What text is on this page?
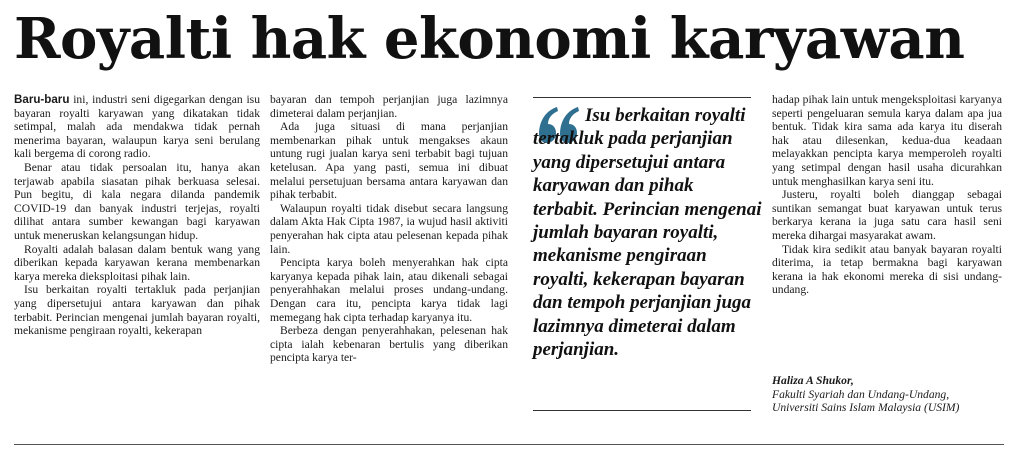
Royalti hak ekonomi karyawan

Baru-baru ini, industri seni digegarkan dengan isu bayaran royalti karyawan yang dikatakan tidak setimpal, malah ada mendakwa tidak pernah menerima bayaran, walaupun karya seni berulang kali bergema di corong radio.

Benar atau tidak persoalan itu, hanya akan terjawab apabila siasatan pihak berkuasa selesai. Pun begitu, di kala negara dilanda pandemik COVID-19 dan banyak industri terjejas, royalti dilihat antara sumber kewangan bagi karyawan untuk meneruskan kelangsungan hidup.

Royalti adalah balasan dalam bentuk wang yang diberikan kepada karyawan kerana membenarkan karya mereka dieksploitasi pihak lain.

Isu berkaitan royalti tertakluk pada perjanjian yang dipersetujui antara karyawan dan pihak terbabit. Perincian mengenai jumlah bayaran royalti, mekanisme pengiraan royalti, kekerapan

bayaran dan tempoh perjanjian juga lazimnya dimeterai dalam perjanjian.

Ada juga situasi di mana perjanjian membenarkan pihak untuk mengakses akaun untung rugi jualan karya seni terbabit bagi tujuan ketelusan. Apa yang pasti, semua ini dibuat melalui persetujuan bersama antara karyawan dan pihak terbabit.

Walaupun royalti tidak disebut secara langsung dalam Akta Hak Cipta 1987, ia wujud hasil aktiviti penyerahan hak cipta atau pelesenan kepada pihak lain.

Pencipta karya boleh menyerahkan hak cipta karyanya kepada pihak lain, atau dikenali sebagai penyerahhakan melalui proses undang-undang. Dengan cara itu, pencipta karya tidak lagi memegang hak cipta terhadap karyanya itu.

Berbeza dengan penyerahhakan, pelesenan hak cipta ialah kebenaran bertulis yang diberikan pencipta karya ter-

Isu berkaitan royalti tertakluk pada perjanjian yang dipersetujui antara karyawan dan pihak terbabit. Perincian mengenai jumlah bayaran royalti, mekanisme pengiraan royalti, kekerapan bayaran dan tempoh perjanjian juga lazimnya dimeterai dalam perjanjian.

hadap pihak lain untuk mengeksploitasi karyanya seperti pengeluaran semula karya dalam apa jua bentuk. Tidak kira sama ada karya itu diserah hak atau dilesenkan, kedua-dua keadaan melayakkan pencipta karya memperoleh royalti yang setimpal dengan hasil usaha dicurahkan untuk menghasilkan karya seni itu.

Justeru, royalti boleh dianggap sebagai suntikan semangat buat karyawan untuk terus berkarya kerana ia juga satu cara hasil seni mereka dihargai masyarakat awam.

Tidak kira sedikit atau banyak bayaran royalti diterima, ia tetap bermakna bagi karyawan kerana ia hak ekonomi mereka di sisi undang-undang.

Haliza A Shukor,
Fakulti Syariah dan Undang-Undang,
Universiti Sains Islam Malaysia (USIM)
